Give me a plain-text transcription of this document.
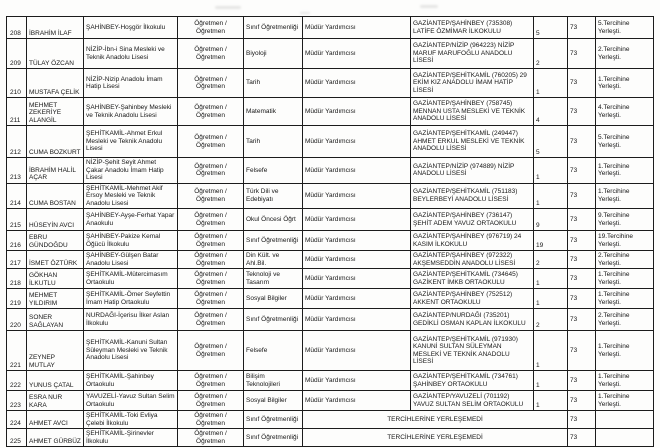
208	İBRAHİM İLAF	ŞAHİNBEY-Hoşgör İlkokulu	Öğretmen / Öğretmen	Sınıf Öğretmenliği	Müdür Yardımcısı	GAZİANTEP/ŞAHİNBEY (735308) LATİFE ÖZMİMAR İLKOKULU	5	73	5.Tercihine Yerleşti.
209	TÜLAY ÖZCAN	NİZİP-İbn-i Sina Mesleki ve Teknik Anadolu Lisesi	Öğretmen / Öğretmen	Biyoloji	Müdür Yardımcısı	GAZİANTEP/NİZİP (964223) NİZİP MARUF MARUFOĞLU ANADOLU LİSESİ	2	73	2.Tercihine Yerleşti.
210	MUSTAFA ÇELİK	NİZİP-Nizip Anadolu İmam Hatip Lisesi	Öğretmen / Öğretmen	Tarih	Müdür Yardımcısı	GAZİANTEP/ŞEHİTKAMİL (760205) 29 EKİM KIZ ANADOLU İMAM HATİP LİSESİ	1	73	1.Tercihine Yerleşti.
211	MEHMET ZEKERİYE ALANGİL	ŞAHİNBEY-Şahinbey Mesleki ve Teknik Anadolu Lisesi	Öğretmen / Öğretmen	Matematik	Müdür Yardımcısı	GAZİANTEP/ŞAHİNBEY (758745) MENNAN USTA MESLEKİ VE TEKNİK ANADOLU LİSESİ	4	73	4.Tercihine Yerleşti.
212	CUMA BOZKURT	ŞEHİTKAMİL-Ahmet Erkul Mesleki ve Teknik Anadolu Lisesi	Öğretmen / Öğretmen	Tarih	Müdür Yardımcısı	GAZİANTEP/ŞEHİTKAMİL (249447) AHMET ERKUL MESLEKİ VE TEKNİK ANADOLU LİSESİ	5	73	5.Tercihine Yerleşti.
213	İBRAHİM HALİL AÇAR	NİZİP-Şehit Seyit Ahmet Çakar Anadolu İmam Hatip Lisesi	Öğretmen / Öğretmen	Felsefe	Müdür Yardımcısı	GAZİANTEP/NİZİP (974889) NİZİP ANADOLU LİSESİ	1	73	1.Tercihine Yerleşti.
214	CUMA BOSTAN	ŞEHİTKAMİL-Mehmet Akif Ersoy Mesleki ve Teknik Anadolu Lisesi	Öğretmen / Öğretmen	Türk Dili ve Edebiyatı	Müdür Yardımcısı	GAZİANTEP/ŞEHİTKAMİL (751183) BEYLERBEYİ ANADOLU LİSESİ	1	73	1.Tercihine Yerleşti.
215	HÜSEYİN AVCI	ŞAHİNBEY-Ayşe-Ferhat Yapar Anaokulu	Öğretmen / Öğretmen	Okul Öncesi Öğrt	Müdür Yardımcısı	GAZİANTEP/ŞAHİNBEY (736147) ŞEHİT ADEM YAVUZ ORTAOKULU	9	73	9.Tercihine Yerleşti.
216	EBRU GÜNDOĞDU	ŞAHİNBEY-Pakize Kemal Öğücü İlkokulu	Öğretmen / Öğretmen	Sınıf Öğretmenliği	Müdür Yardımcısı	GAZİANTEP/ŞAHİNBEY (976719) 24 KASIM İLKOKULU	19	73	19.Tercihine Yerleşti.
217	İSMET ÖZTÜRK	ŞAHİNBEY-Gülşen Batar Anadolu Lisesi	Öğretmen / Öğretmen	Din Kült. ve Ahl.Bil.	Müdür Yardımcısı	GAZİANTEP/ŞAHİNBEY (972322) AKŞEMSEDDİN ANADOLU LİSESİ	2	73	2.Tercihine Yerleşti.
218	GÖKHAN İLKUTLU	ŞEHİTKAMİL-Mütercimasım Ortaokulu	Öğretmen / Öğretmen	Teknoloji ve Tasarım	Müdür Yardımcısı	GAZİANTEP/ŞEHİTKAMİL (734645) GAZİKENT İMKB ORTAOKULU	1	73	1.Tercihine Yerleşti.
219	MEHMET YILDIRIM	ŞEHİTKAMİL-Ömer Seyfettin İmam Hatip Ortaokulu	Öğretmen / Öğretmen	Sosyal Bilgiler	Müdür Yardımcısı	GAZİANTEP/ŞAHİNBEY (752512) AKKENT ORTAOKULU	1	73	1.Tercihine Yerleşti.
220	SONER SAĞLAYAN	NURDAĞI-İçerisu İlker Aslan İlkokulu	Öğretmen / Öğretmen	Sınıf Öğretmenliği	Müdür Yardımcısı	GAZİANTEP/NURDAĞI (735201) GEDİKLİ OSMAN KAPLAN İLKOKULU	2	73	2.Tercihine Yerleşti.
221	ZEYNEP MUTLAY	ŞEHİTKAMİL-Kanuni Sultan Süleyman Mesleki ve Teknik Anadolu Lisesi	Öğretmen / Öğretmen	Felsefe	Müdür Yardımcısı	GAZİANTEP/ŞEHİTKAMİL (971930) KANUNİ SULTAN SÜLEYMAN MESLEKİ VE TEKNİK ANADOLU LİSESİ	1	73	1.Tercihine Yerleşti.
222	YUNUS ÇATAL	ŞEHİTKAMİL-Şahinbey Ortaokulu	Öğretmen / Öğretmen	Bilişim Teknolojileri	Müdür Yardımcısı	GAZİANTEP/ŞEHİTKAMİL (734761) ŞAHİNBEY ORTAOKULU	1	73	1.Tercihine Yerleşti.
223	ESRA NUR KARA	YAVUZELİ-Yavuz Sultan Selim Ortaokulu	Öğretmen / Öğretmen	Sosyal Bilgiler	Müdür Yardımcısı	GAZİANTEP/YAVUZELİ (701192) YAVUZ SULTAN SELİM ORTAOKULU	1	73	1.Tercihine Yerleşti.
224	AHMET AVCI	ŞEHİTKAMİL-Toki Evliya Çelebi İlkokulu	Öğretmen / Öğretmen	Sınıf Öğretmenliği	TERCİHLERİNE YERLEŞEMEDİ			73	
225	AHMET GÜRBÜZ	ŞEHİTKAMİL-Şirinevler İlkokulu	Öğretmen / Öğretmen	Sınıf Öğretmenliği	TERCİHLERİNE YERLEŞEMEDİ			73	
